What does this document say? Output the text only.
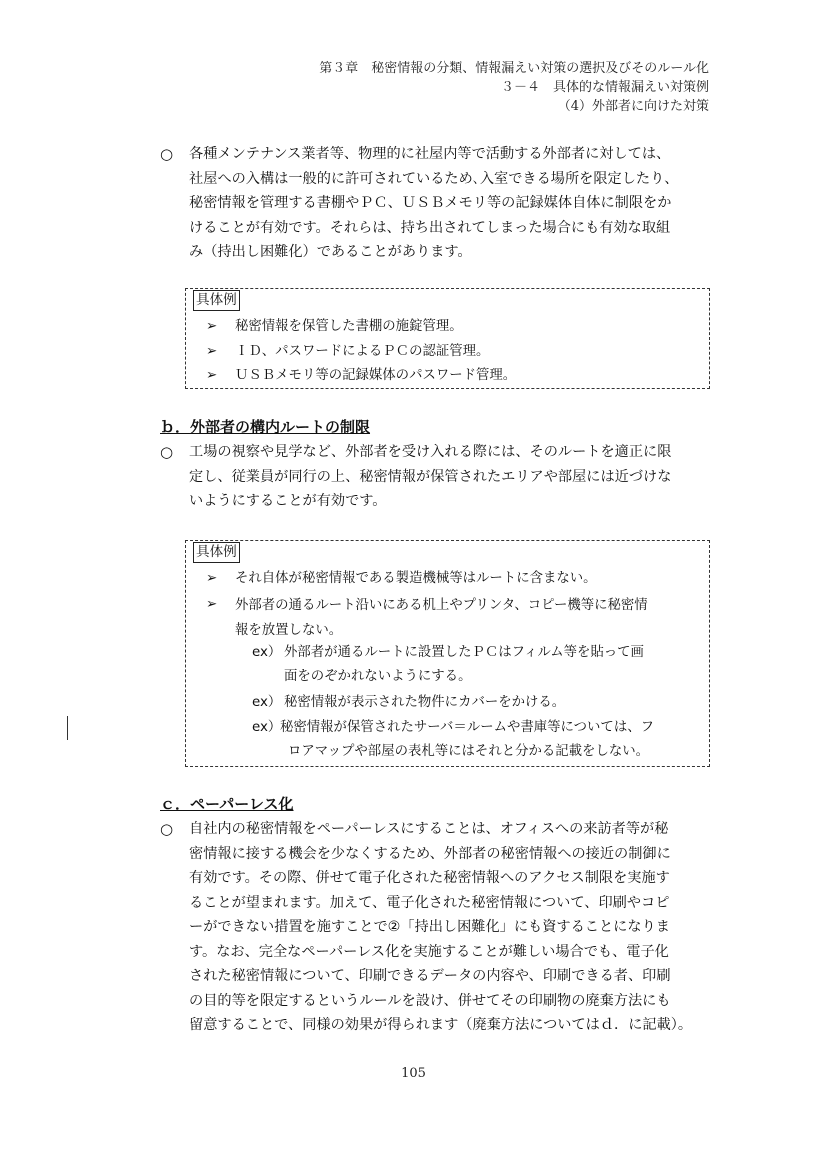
第３章　秘密情報の分類、情報漏えい対策の選択及びそのルール化
３－４　具体的な情報漏えい対策例
（4）外部者に向けた対策
○ 各種メンテナンス業者等、物理的に社屋内等で活動する外部者に対しては、
社屋への入構は一般的に許可されているため､入室できる場所を限定したり、
秘密情報を管理する書棚やＰＣ、ＵＳＢメモリ等の記録媒体自体に制限をか
けることが有効です。それらは、持ち出されてしまった場合にも有効な取組
み（持出し困難化）であることがあります。
具体例
➢ 秘密情報を保管した書棚の施錠管理。
➢ ＩＤ、パスワードによるＰＣの認証管理。
➢ ＵＳＢメモリ等の記録媒体のパスワード管理。
ｂ．外部者の構内ルートの制限
○ 工場の視察や見学など、外部者を受け入れる際には、そのルートを適正に限
定し、従業員が同行の上、秘密情報が保管されたエリアや部屋には近づけな
いようにすることが有効です。
具体例
➢ それ自体が秘密情報である製造機械等はルートに含まない。
➢ 外部者の通るルート沿いにある机上やプリンタ、コピー機等に秘密情
報を放置しない。
ex） 外部者が通るルートに設置したＰＣはフィルム等を貼って画
面をのぞかれないようにする。
ex） 秘密情報が表示された物件にカバーをかける。
ex）
秘密情報が保管されたサーバ＝ルームや書庫等については、フ
ロアマップや部屋の表札等にはそれと分かる記載をしない。
ｃ．ペーパーレス化
○ 自社内の秘密情報をペーパーレスにすることは、オフィスへの来訪者等が秘
密情報に接する機会を少なくするため、外部者の秘密情報への接近の制御に
有効です。その際、併せて電子化された秘密情報へのアクセス制限を実施す
ることが望まれます。加えて、電子化された秘密情報について、印刷やコピ
ーができない措置を施すことで②「持出し困難化」にも資することになりま
す。なお、完全なペーパーレス化を実施することが難しい場合でも、電子化
された秘密情報について、印刷できるデータの内容や、印刷できる者、印刷
の目的等を限定するというルールを設け、併せてその印刷物の廃棄方法にも
留意することで、同様の効果が得られます（廃棄方法についてはｄ．に記載）。
105
